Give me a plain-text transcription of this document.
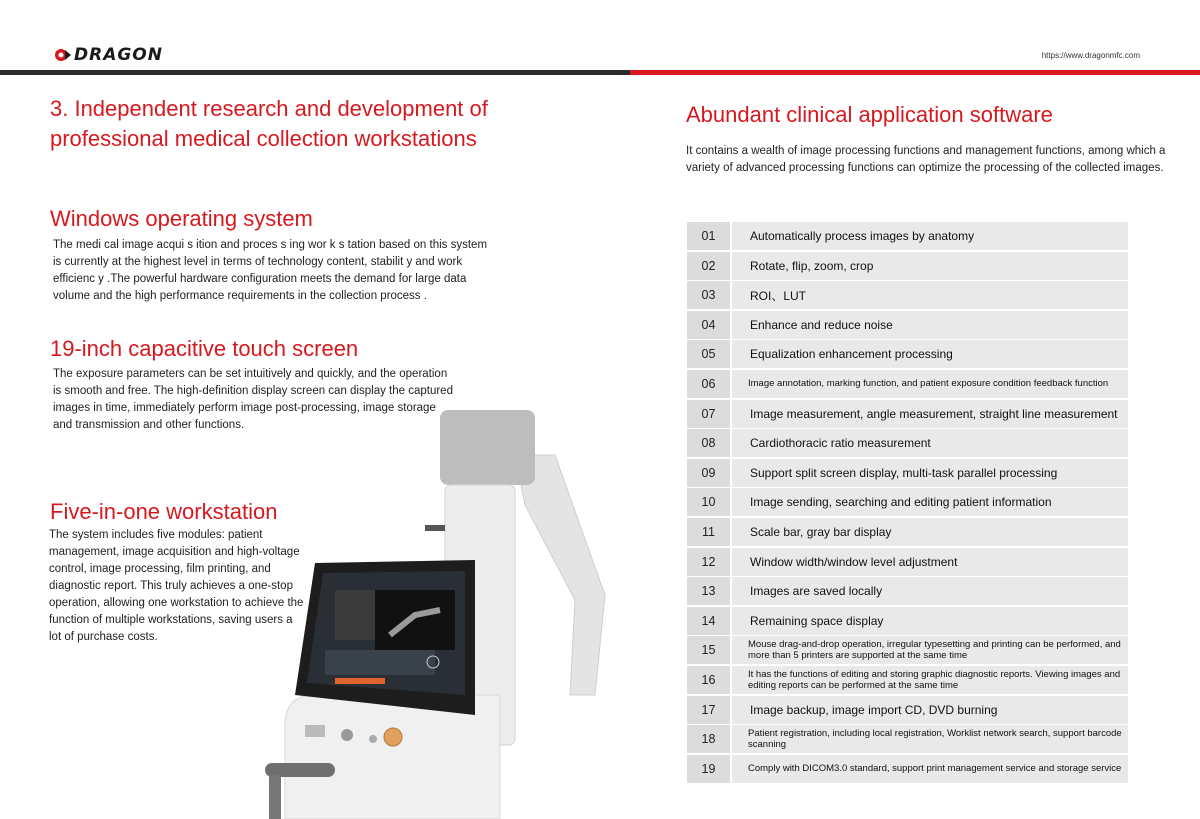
DRAGON	https://www.dragonmfc.com
3. Independent research and development of professional medical collection workstations
Windows operating system
The medi cal image acqui s ition and proces s ing wor k s tation based on this system is currently at the highest level in terms of technology content, stabilit y and work efficienc y .The powerful hardware configuration meets the demand for large data volume and the high performance requirements in the collection process .
19-inch capacitive touch screen
The exposure parameters can be set intuitively and quickly, and the operation is smooth and free. The high-definition display screen can display the captured images in time, immediately perform image post-processing, image storage and transmission and other functions.
Five-in-one workstation
The system includes five modules: patient management, image acquisition and high-voltage control, image processing, film printing, and diagnostic report. This truly achieves a one-stop operation, allowing one workstation to achieve the function of multiple workstations, saving users a lot of purchase costs.
Abundant clinical application software
It contains a wealth of image processing functions and management functions, among which a variety of advanced processing functions can optimize the processing of the collected images.
01	Automatically process images by anatomy
02	Rotate, flip, zoom, crop
03	ROI、LUT
04	Enhance and reduce noise
05	Equalization enhancement processing
06	Image annotation, marking function, and patient exposure condition feedback function
07	Image measurement, angle measurement, straight line measurement
08	Cardiothoracic ratio measurement
09	Support split screen display, multi-task parallel processing
10	Image sending, searching and editing patient information
11	Scale bar, gray bar display
12	Window width/window level adjustment
13	Images are saved locally
14	Remaining space display
15	Mouse drag-and-drop operation, irregular typesetting and printing can be performed, and more than 5 printers are supported at the same time
16	It has the functions of editing and storing graphic diagnostic reports. Viewing images and editing reports can be performed at the same time
17	Image backup, image import CD, DVD burning
18	Patient registration, including local registration, Worklist network search, support barcode scanning
19	Comply with DICOM3.0 standard, support print management service and storage service
